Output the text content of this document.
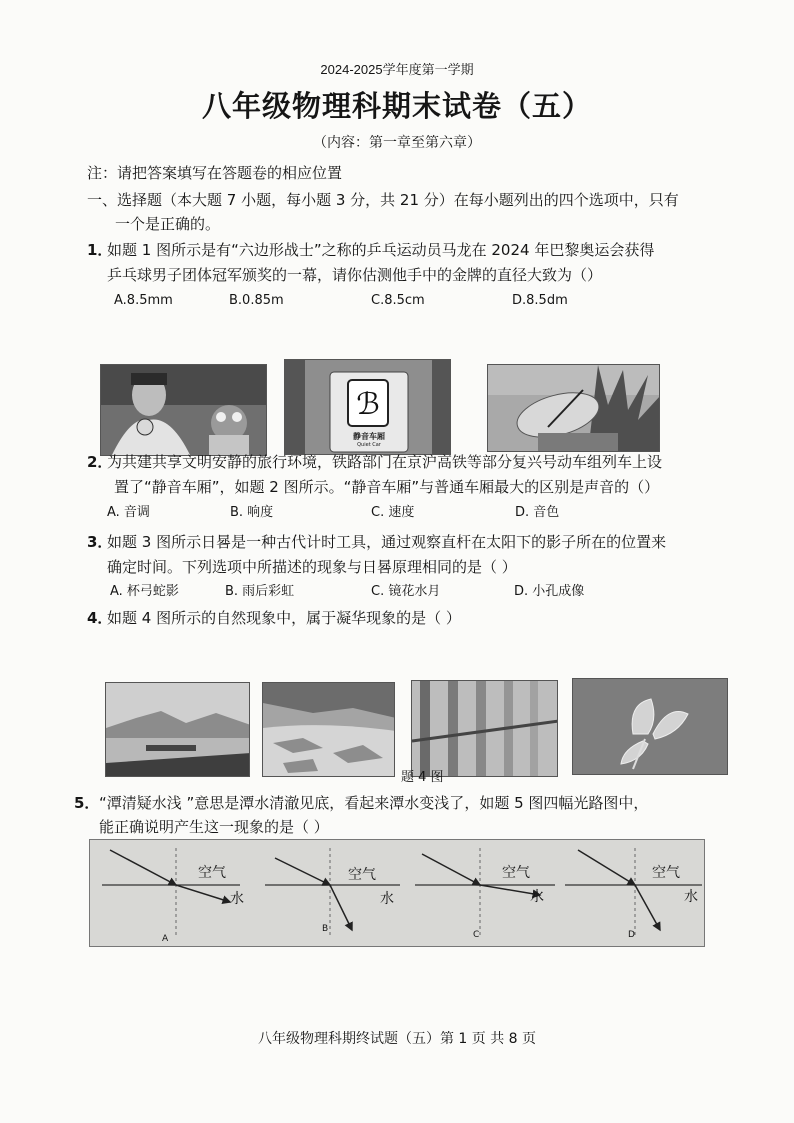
2024-2025学年度第一学期
八年级物理科期末试卷（五）
（内容：第一章至第六章）
注：请把答案填写在答题卷的相应位置
一、选择题（本大题 7 小题，每小题 3 分，共 21 分）在每小题列出的四个选项中，只有
一个是正确的。
1．
如题 1 图所示是有“六边形战士”之称的乒乓运动员马龙在 2024 年巴黎奥运会获得
乒乓球男子团体冠军颁奖的一幕，请你估测他手中的金牌的直径大致为（）
A.8.5mm	B.0.85m	C.8.5cm	D.8.5dm
ℬ
静音车厢
Quiet Car
2．
为共建共享文明安静的旅行环境，铁路部门在京沪高铁等部分复兴号动车组列车上设
置了“静音车厢”，如题 2 图所示。“静音车厢”与普通车厢最大的区别是声音的（）
A. 音调	B. 响度	C. 速度	D. 音色
3．
如题 3 图所示日晷是一种古代计时工具，通过观察直杆在太阳下的影子所在的位置来
确定时间。下列选项中所描述的现象与日晷原理相同的是（ ）
A. 杯弓蛇影	B. 雨后彩虹	C. 镜花水月	D. 小孔成像
4．
如题 4 图所示的自然现象中，属于凝华现象的是（ ）
题 4 图
5． “潭清疑水浅 ”意思是潭水清澈见底，看起来潭水变浅了，如题 5 图四幅光路图中，
能正确说明产生这一现象的是（ ）
空气
水
A
空气
水
B
空气
水
C
空气
水
D
八年级物理科期终试题（五）第 1 页 共 8 页
